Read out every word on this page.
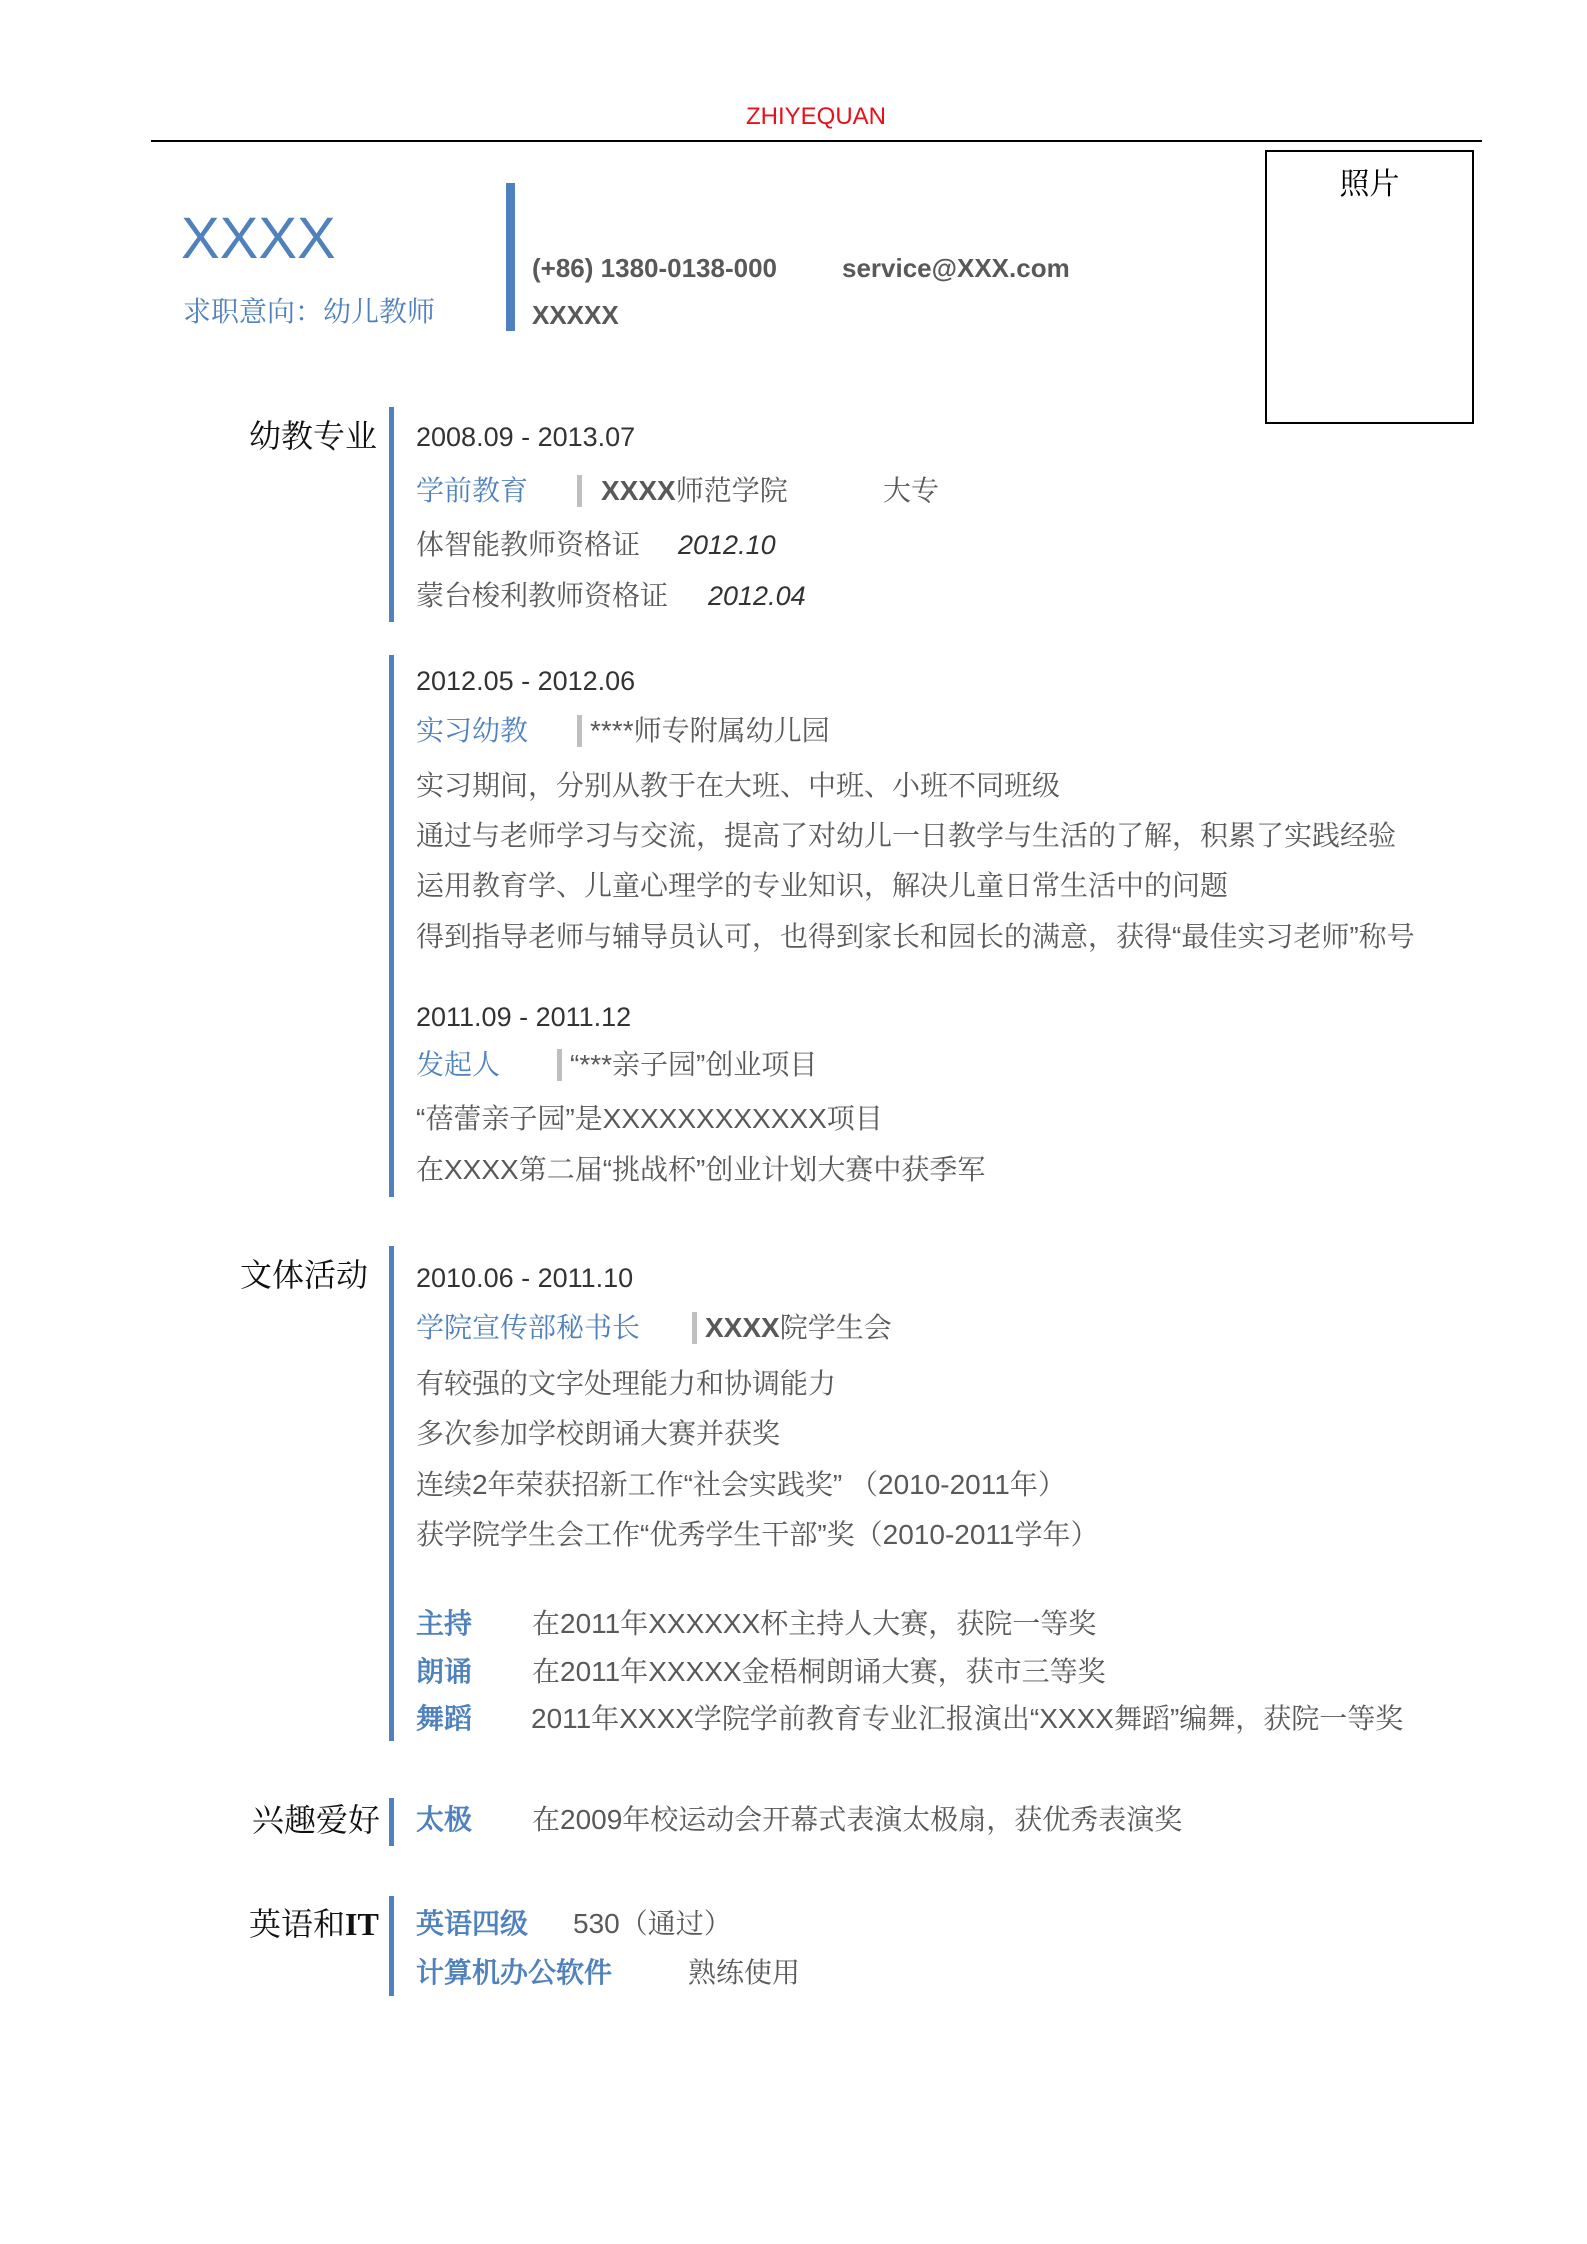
ZHIYEQUAN
照片
XXXX
求职意向：幼儿教师
(+86) 1380-0138-000 service@XXX.com
XXXXX
幼教专业 2008.09 - 2013.07
学前教育	XXXX师范学院	大专
体智能教师资格证 2012.10
蒙台梭利教师资格证 2012.04
2012.05 - 2012.06
实习幼教 ****师专附属幼儿园
实习期间，分别从教于在大班、中班、小班不同班级
通过与老师学习与交流，提高了对幼儿一日教学与生活的了解，积累了实践经验
运用教育学、儿童心理学的专业知识，解决儿童日常生活中的问题
得到指导老师与辅导员认可，也得到家长和园长的满意，获得“最佳实习老师”称号
2011.09 - 2011.12
发起人 “***亲子园”创业项目
“蓓蕾亲子园”是XXXXXXXXXXXX项目
在XXXX第二届“挑战杯”创业计划大赛中获季军
文体活动 2010.06 - 2011.10
学院宣传部秘书长 XXXX院学生会
有较强的文字处理能力和协调能力
多次参加学校朗诵大赛并获奖
连续2年荣获招新工作“社会实践奖” （2010-2011年）
获学院学生会工作“优秀学生干部”奖（2010-2011学年）
主持 在2011年XXXXXX杯主持人大赛，获院一等奖
朗诵 在2011年XXXXX金梧桐朗诵大赛，获市三等奖
舞蹈 2011年XXXX学院学前教育专业汇报演出“XXXX舞蹈”编舞，获院一等奖
兴趣爱好 太极 在2009年校运动会开幕式表演太极扇，获优秀表演奖
英语和IT 英语四级 530（通过）
计算机办公软件	熟练使用
